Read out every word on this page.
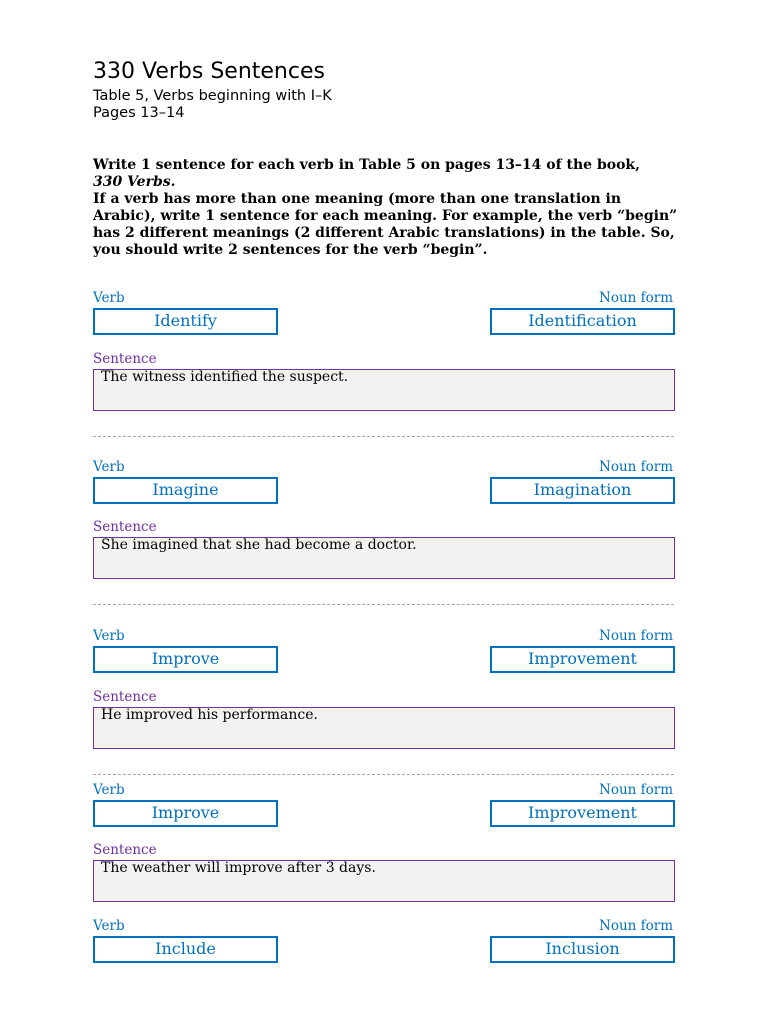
330 Verbs Sentences
Table 5, Verbs beginning with I–K
Pages 13–14
Write 1 sentence for each verb in Table 5 on pages 13–14 of the book,
330 Verbs.
If a verb has more than one meaning (more than one translation in
Arabic), write 1 sentence for each meaning. For example, the verb “begin”
has 2 different meanings (2 different Arabic translations) in the table. So,
you should write 2 sentences for the verb “begin”.
Verb	Noun form
Identify	Identification
Sentence
The witness identified the suspect.
Verb	Noun form
Imagine	Imagination
Sentence
She imagined that she had become a doctor.
Verb	Noun form
Improve	Improvement
Sentence
He improved his performance.
Verb	Noun form
Improve	Improvement
Sentence
The weather will improve after 3 days.
Verb	Noun form
Include	Inclusion
